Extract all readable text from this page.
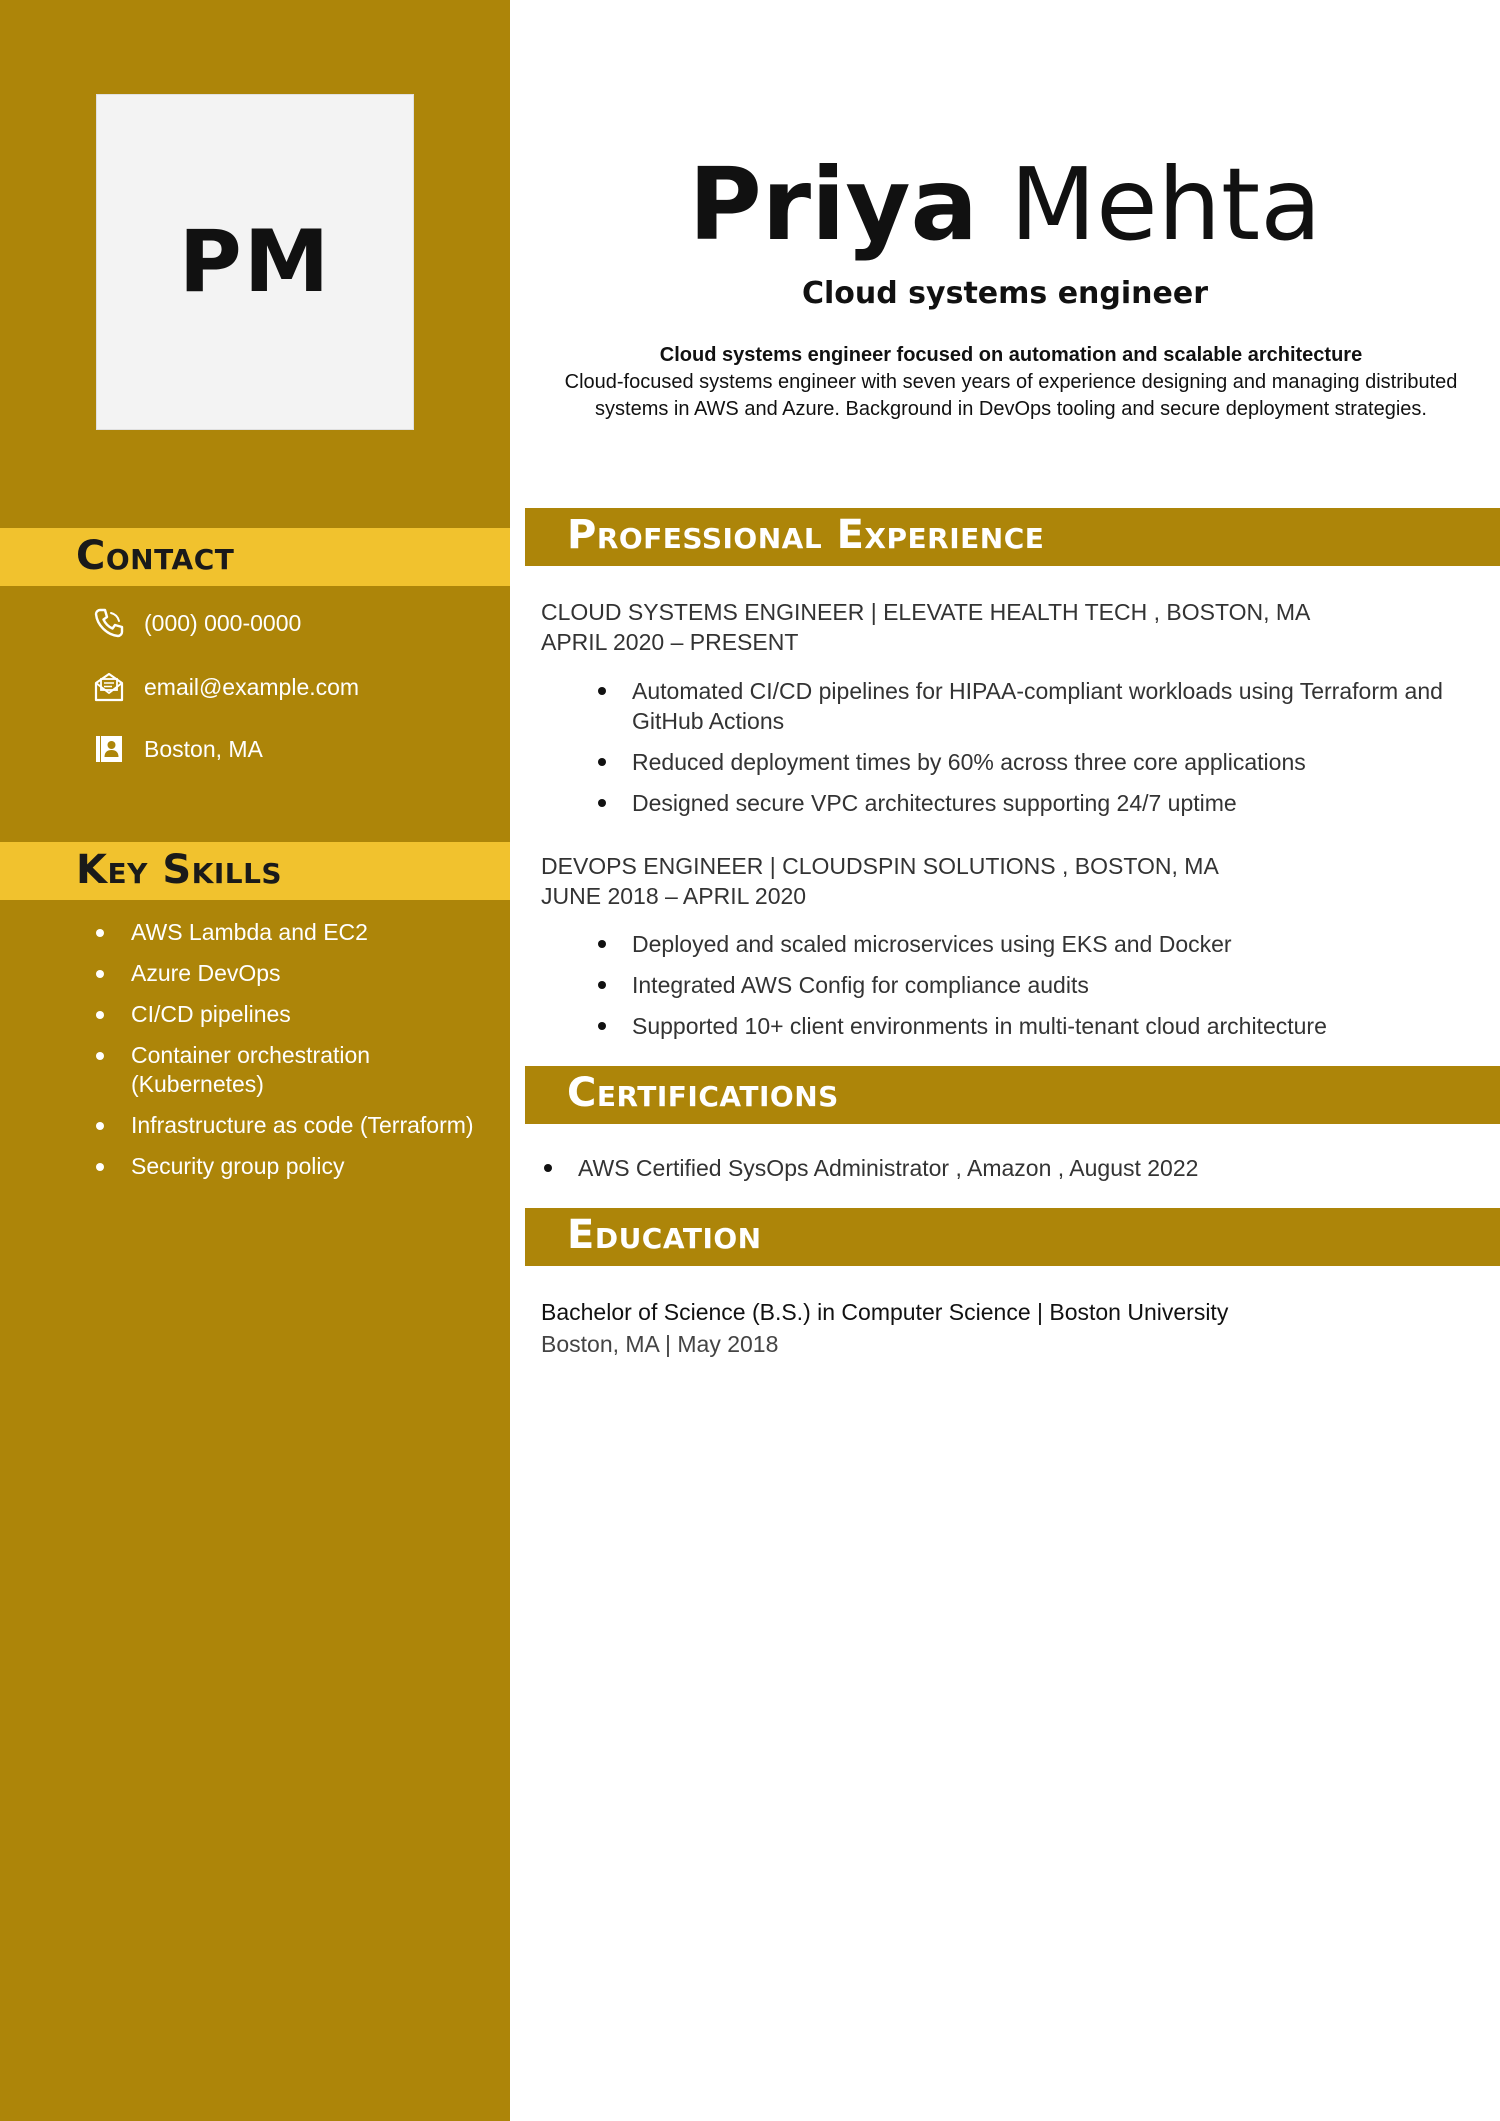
PM
Contact
(000) 000-0000
email@example.com
Boston, MA
Key Skills
AWS Lambda and EC2
Azure DevOps
CI/CD pipelines
Container orchestration (Kubernetes)
Infrastructure as code (Terraform)
Security group policy
Priya Mehta
Cloud systems engineer
Cloud systems engineer focused on automation and scalable architecture
Cloud-focused systems engineer with seven years of experience designing and managing distributed systems in AWS and Azure. Background in DevOps tooling and secure deployment strategies.
Professional Experience
CLOUD SYSTEMS ENGINEER | ELEVATE HEALTH TECH , BOSTON, MA
APRIL 2020 – PRESENT
Automated CI/CD pipelines for HIPAA-compliant workloads using Terraform and GitHub Actions
Reduced deployment times by 60% across three core applications
Designed secure VPC architectures supporting 24/7 uptime
DEVOPS ENGINEER | CLOUDSPIN SOLUTIONS , BOSTON, MA
JUNE 2018 – APRIL 2020
Deployed and scaled microservices using EKS and Docker
Integrated AWS Config for compliance audits
Supported 10+ client environments in multi-tenant cloud architecture
Certifications
AWS Certified SysOps Administrator , Amazon , August 2022
Education
Bachelor of Science (B.S.) in Computer Science | Boston University
Boston, MA | May 2018
